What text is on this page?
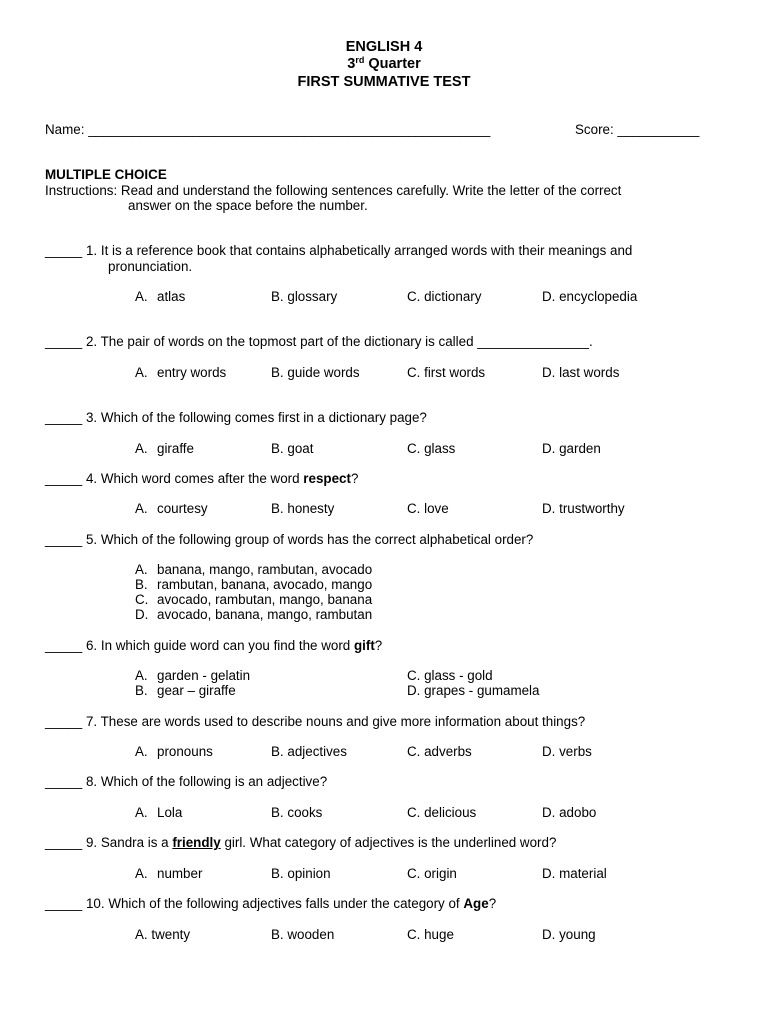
ENGLISH 4
3rd Quarter
FIRST SUMMATIVE TEST
Name: ______________________________________________________	Score: ___________
MULTIPLE CHOICE
Instructions: Read and understand the following sentences carefully. Write the letter of the correct
answer on the space before the number.
_____ 1. It is a reference book that contains alphabetically arranged words with their meanings and
pronunciation.
A. atlas	B. glossary	C. dictionary	D. encyclopedia
_____ 2. The pair of words on the topmost part of the dictionary is called _______________.
A. entry words	B. guide words	C. first words	D. last words
_____ 3. Which of the following comes first in a dictionary page?
A. giraffe	B. goat	C. glass	D. garden
_____ 4. Which word comes after the word respect?
A. courtesy	B. honesty	C. love	D. trustworthy
_____ 5. Which of the following group of words has the correct alphabetical order?
A. banana, mango, rambutan, avocado
B. rambutan, banana, avocado, mango
C. avocado, rambutan, mango, banana
D. avocado, banana, mango, rambutan
_____ 6. In which guide word can you find the word gift?
A. garden - gelatin
B. gear – giraffe
C. glass - gold
D. grapes - gumamela
_____ 7. These are words used to describe nouns and give more information about things?
A. pronouns	B. adjectives	C. adverbs	D. verbs
_____ 8. Which of the following is an adjective?
A. Lola	B. cooks	C. delicious	D. adobo
_____ 9. Sandra is a friendly girl. What category of adjectives is the underlined word?
A. number	B. opinion	C. origin	D. material
_____ 10. Which of the following adjectives falls under the category of Age?
A. twenty	B. wooden	C. huge	D. young
